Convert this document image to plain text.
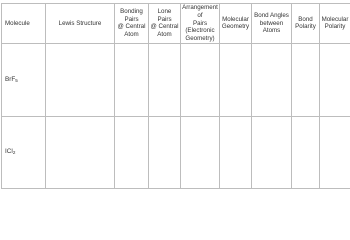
Molecule	Lewis Structure	Bonding Pairs
@ Central
Atom	Lone Pairs
@ Central
Atom	Arrangement of
Pairs (Electronic
Geometry)	Molecular
Geometry	Bond Angles
between Atoms	Bond
Polarity	Molecular
Polarity
BrF$_5$								
ICl$_2$								
